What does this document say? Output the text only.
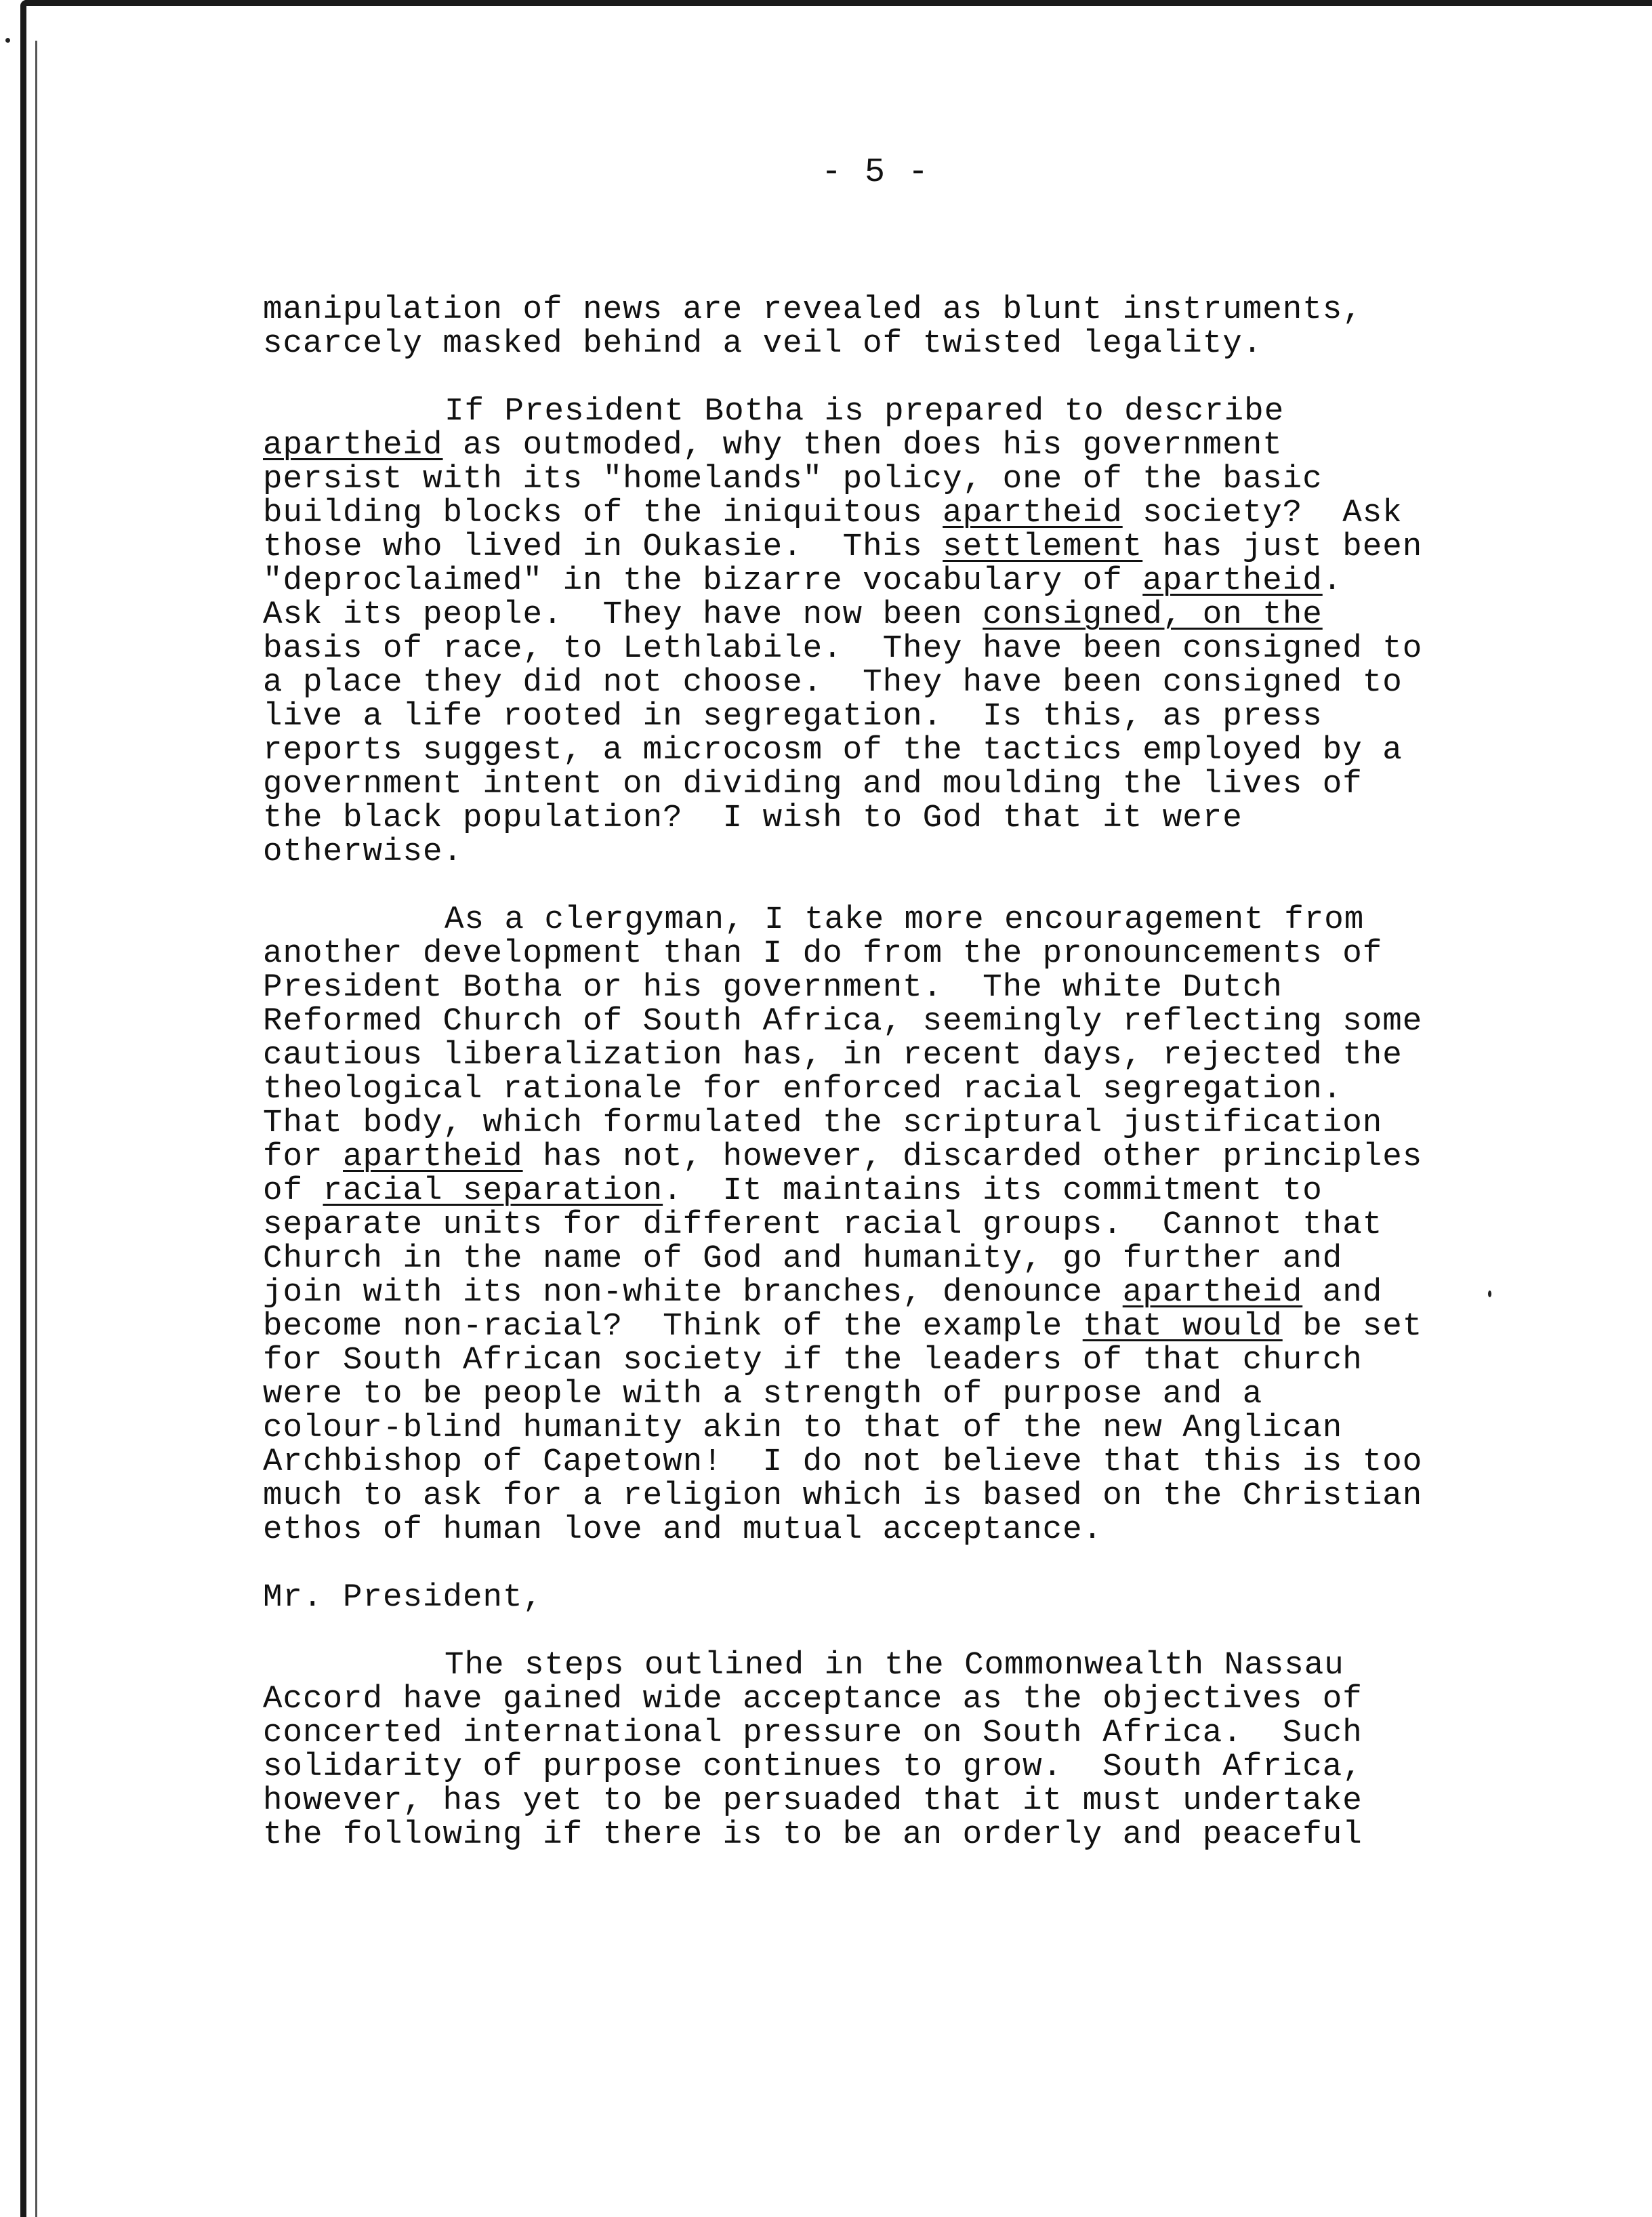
- 5 -
manipulation of news are revealed as blunt instruments,
scarcely masked behind a veil of twisted legality.
If President Botha is prepared to describe
apartheid as outmoded, why then does his government
persist with its "homelands" policy, one of the basic
building blocks of the iniquitous apartheid society?  Ask
those who lived in Oukasie.  This settlement has just been
"deproclaimed" in the bizarre vocabulary of apartheid.
Ask its people.  They have now been consigned, on the
basis of race, to Lethlabile.  They have been consigned to
a place they did not choose.  They have been consigned to
live a life rooted in segregation.  Is this, as press
reports suggest, a microcosm of the tactics employed by a
government intent on dividing and moulding the lives of
the black population?  I wish to God that it were
otherwise.
As a clergyman, I take more encouragement from
another development than I do from the pronouncements of
President Botha or his government.  The white Dutch
Reformed Church of South Africa, seemingly reflecting some
cautious liberalization has, in recent days, rejected the
theological rationale for enforced racial segregation.
That body, which formulated the scriptural justification
for apartheid has not, however, discarded other principles
of racial separation.  It maintains its commitment to
separate units for different racial groups.  Cannot that
Church in the name of God and humanity, go further and
join with its non-white branches, denounce apartheid and
become non-racial?  Think of the example that would be set
for South African society if the leaders of that church
were to be people with a strength of purpose and a
colour-blind humanity akin to that of the new Anglican
Archbishop of Capetown!  I do not believe that this is too
much to ask for a religion which is based on the Christian
ethos of human love and mutual acceptance.
Mr. President,
The steps outlined in the Commonwealth Nassau
Accord have gained wide acceptance as the objectives of
concerted international pressure on South Africa.  Such
solidarity of purpose continues to grow.  South Africa,
however, has yet to be persuaded that it must undertake
the following if there is to be an orderly and peaceful
